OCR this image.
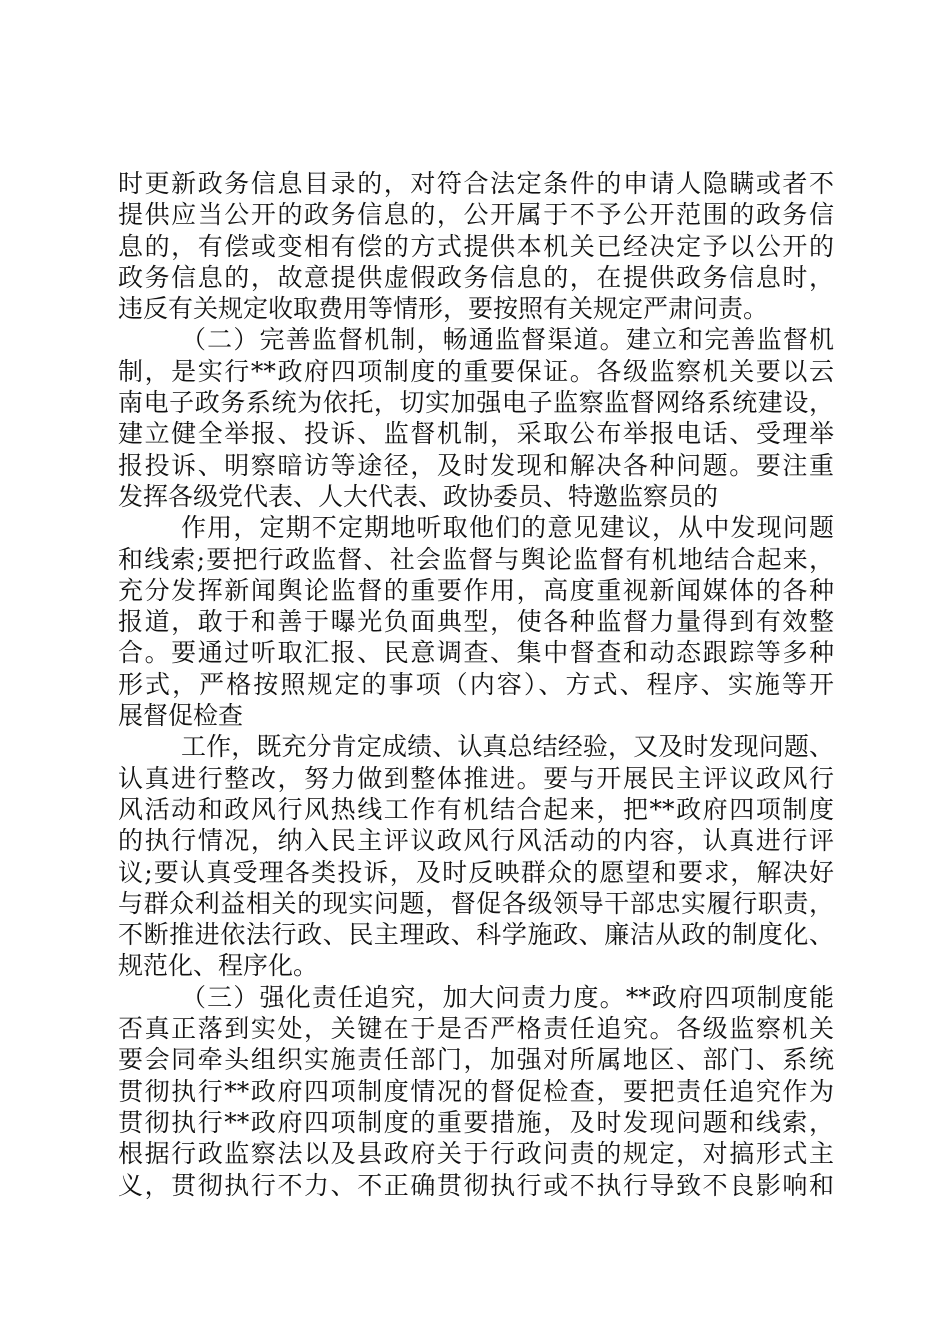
时更新政务信息目录的，对符合法定条件的申请人隐瞒或者不
提供应当公开的政务信息的，公开属于不予公开范围的政务信
息的，有偿或变相有偿的方式提供本机关已经决定予以公开的
政务信息的，故意提供虚假政务信息的，在提供政务信息时，
违反有关规定收取费用等情形，要按照有关规定严肃问责。
（二）完善监督机制，畅通监督渠道。建立和完善监督机
制，是实行**政府四项制度的重要保证。各级监察机关要以云
南电子政务系统为依托，切实加强电子监察监督网络系统建设，
建立健全举报、投诉、监督机制，采取公布举报电话、受理举
报投诉、明察暗访等途径，及时发现和解决各种问题。要注重
发挥各级党代表、人大代表、政协委员、特邀监察员的
作用，定期不定期地听取他们的意见建议，从中发现问题
和线索;要把行政监督、社会监督与舆论监督有机地结合起来，
充分发挥新闻舆论监督的重要作用，高度重视新闻媒体的各种
报道，敢于和善于曝光负面典型，使各种监督力量得到有效整
合。要通过听取汇报、民意调查、集中督查和动态跟踪等多种
形式，严格按照规定的事项（内容）、方式、程序、实施等开
展督促检查
工作，既充分肯定成绩、认真总结经验，又及时发现问题、
认真进行整改，努力做到整体推进。要与开展民主评议政风行
风活动和政风行风热线工作有机结合起来，把**政府四项制度
的执行情况，纳入民主评议政风行风活动的内容，认真进行评
议;要认真受理各类投诉，及时反映群众的愿望和要求，解决好
与群众利益相关的现实问题，督促各级领导干部忠实履行职责，
不断推进依法行政、民主理政、科学施政、廉洁从政的制度化、
规范化、程序化。
（三）强化责任追究，加大问责力度。**政府四项制度能
否真正落到实处，关键在于是否严格责任追究。各级监察机关
要会同牵头组织实施责任部门，加强对所属地区、部门、系统
贯彻执行**政府四项制度情况的督促检查，要把责任追究作为
贯彻执行**政府四项制度的重要措施，及时发现问题和线索，
根据行政监察法以及县政府关于行政问责的规定，对搞形式主
义，贯彻执行不力、不正确贯彻执行或不执行导致不良影响和
